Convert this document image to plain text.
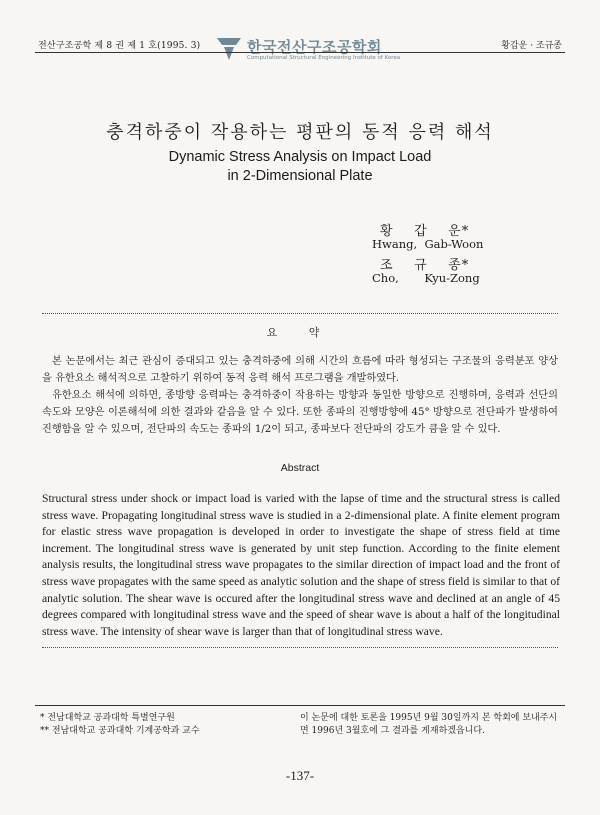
전산구조공학 제 8 권 제 1 호(1995. 3)	한국전산구조공학회
Computational Structural Engineering Institute of Korea
황갑운 · 조규종
충격하중이 작용하는 평판의 동적 응력 해석
Dynamic Stress Analysis on Impact Load
in 2-Dimensional Plate
황    갑    운*
Hwang,  Gab-Woon
조    규    종*
Cho,       Kyu-Zong
요 약
본 논문에서는 최근 관심이 증대되고 있는 충격하중에 의해 시간의 흐름에 따라 형성되는 구조물의 응력분포 양상을 유한요소 해석적으로 고찰하기 위하여 동적 응력 해석 프로그램을 개발하였다.
유한요소 해석에 의하면, 종방향 응력파는 충격하중이 작용하는 방향과 동일한 방향으로 진행하며, 응력과 선단의 속도와 모양은 이론해석에 의한 결과와 같음을 알 수 있다. 또한 종파의 진행방향에 45° 방향으로 전단파가 발생하여 진행함을 알 수 있으며, 전단파의 속도는 종파의 1/2이 되고, 종파보다 전단파의 강도가 큼을 알 수 있다.
Abstract
Structural stress under shock or impact load is varied with the lapse of time and the structural stress is called stress wave. Propagating longitudinal stress wave is studied in a 2-dimensional plate. A finite element program for elastic stress wave propagation is developed in order to investigate the shape of stress field at time increment. The longitudinal stress wave is generated by unit step function. According to the finite element analysis results, the longitudinal stress wave propagates to the similar direction of impact load and the front of stress wave propagates with the same speed as analytic solution and the shape of stress field is similar to that of analytic solution. The shear wave is occured after the longitudinal stress wave and declined at an angle of 45 degrees compared with longitudinal stress wave and the speed of shear wave is about a half of the longitudinal stress wave. The intensity of shear wave is larger than that of longitudinal stress wave.
* 전남대학교 공과대학 특별연구원
** 전남대학교 공과대학 기계공학과 교수
이 논문에 대한 토론을 1995년 9월 30일까지 본 학회에 보내주시면 1996년 3월호에 그 결과를 게재하겠읍니다.
-137-
